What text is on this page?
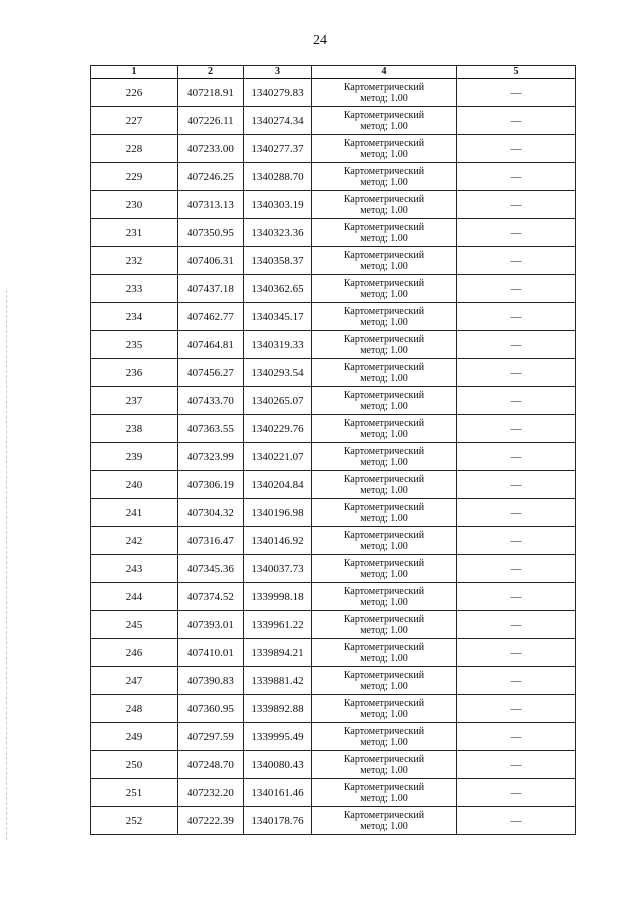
24
1	2	3	4	5
226	407218.91	1340279.83	Картометрический
метод; 1.00	—
227	407226.11	1340274.34	Картометрический
метод; 1.00	—
228	407233.00	1340277.37	Картометрический
метод; 1.00	—
229	407246.25	1340288.70	Картометрический
метод; 1.00	—
230	407313.13	1340303.19	Картометрический
метод; 1.00	—
231	407350.95	1340323.36	Картометрический
метод; 1.00	—
232	407406.31	1340358.37	Картометрический
метод; 1.00	—
233	407437.18	1340362.65	Картометрический
метод; 1.00	—
234	407462.77	1340345.17	Картометрический
метод; 1.00	—
235	407464.81	1340319.33	Картометрический
метод; 1.00	—
236	407456.27	1340293.54	Картометрический
метод; 1.00	—
237	407433.70	1340265.07	Картометрический
метод; 1.00	—
238	407363.55	1340229.76	Картометрический
метод; 1.00	—
239	407323.99	1340221.07	Картометрический
метод; 1.00	—
240	407306.19	1340204.84	Картометрический
метод; 1.00	—
241	407304.32	1340196.98	Картометрический
метод; 1.00	—
242	407316.47	1340146.92	Картометрический
метод; 1.00	—
243	407345.36	1340037.73	Картометрический
метод; 1.00	—
244	407374.52	1339998.18	Картометрический
метод; 1.00	—
245	407393.01	1339961.22	Картометрический
метод; 1.00	—
246	407410.01	1339894.21	Картометрический
метод; 1.00	—
247	407390.83	1339881.42	Картометрический
метод; 1.00	—
248	407360.95	1339892.88	Картометрический
метод; 1.00	—
249	407297.59	1339995.49	Картометрический
метод; 1.00	—
250	407248.70	1340080.43	Картометрический
метод; 1.00	—
251	407232.20	1340161.46	Картометрический
метод; 1.00	—
252	407222.39	1340178.76	Картометрический
метод; 1.00	—
